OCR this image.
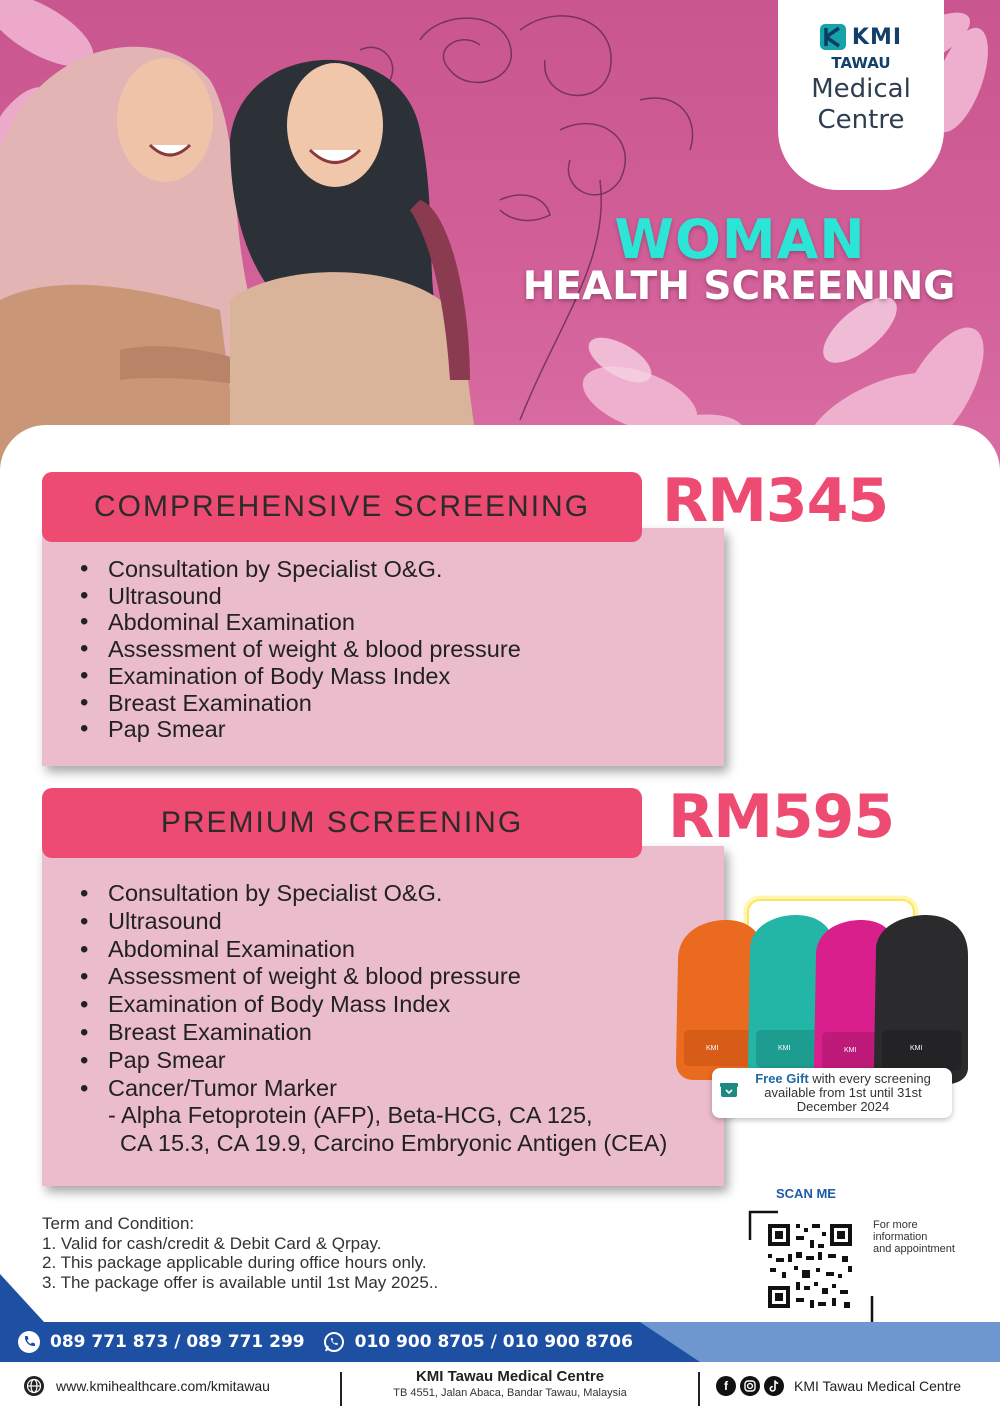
KMI
TAWAU
Medical
Centre
WOMAN
HEALTH SCREENING
COMPREHENSIVE SCREENING	RM345
• Consultation by Specialist O&G.
• Ultrasound
• Abdominal Examination
• Assessment of weight & blood pressure
• Examination of Body Mass Index
• Breast Examination
• Pap Smear
PREMIUM SCREENING	RM595
• Consultation by Specialist O&G.
• Ultrasound
• Abdominal Examination
• Assessment of weight & blood pressure
• Examination of Body Mass Index
• Breast Examination
• Pap Smear
• Cancer/Tumor Marker
- Alpha Fetoprotein (AFP), Beta-HCG, CA 125,
CA 15.3, CA 19.9, Carcino Embryonic Antigen (CEA)
KMI	KMI	KMI	KMI
Free Gift with every screening available from 1st until 31st December 2024
Term and Condition:
1. Valid for cash/credit & Debit Card & Qrpay.
2. This package applicable during office hours only.
3. The package offer is available until 1st May 2025..
SCAN ME
For more
information
and appointment
089 771 873 / 089 771 299	010 900 8705 / 010 900 8706
www.kmihealthcare.com/kmitawau
KMI Tawau Medical Centre
TB 4551, Jalan Abaca, Bandar Tawau, Malaysia	f	KMI Tawau Medical Centre
